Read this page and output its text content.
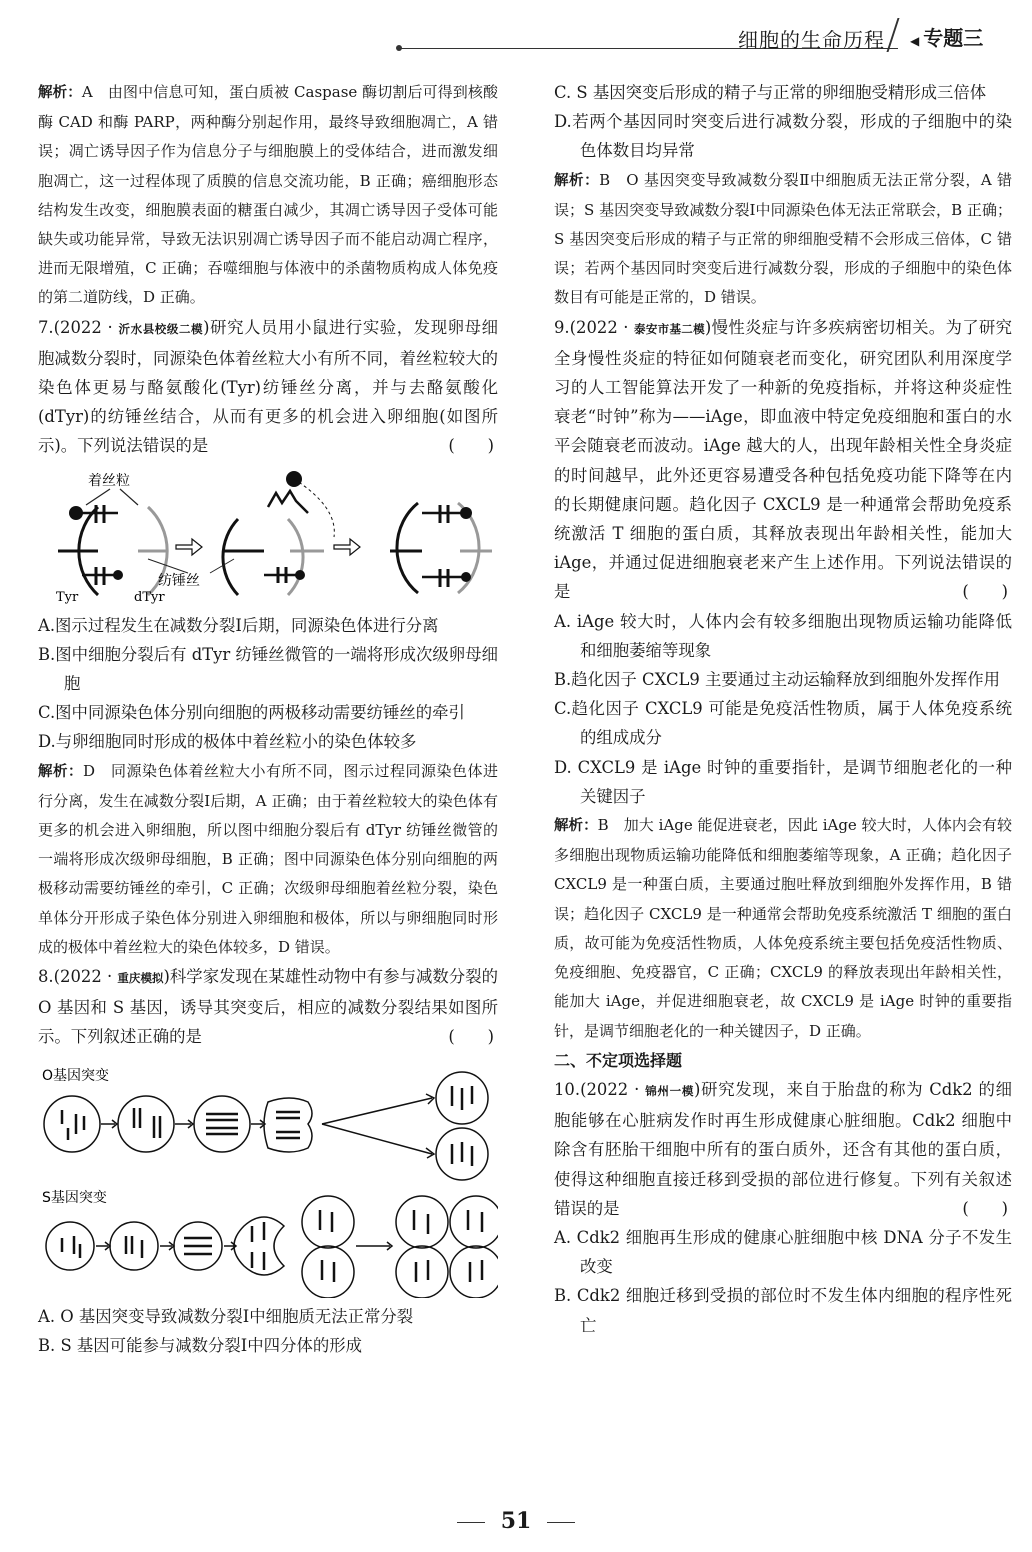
细胞的生命历程 ◀ 专题三

解析：A　 由图中信息可知，蛋白质被 Caspase 酶切割后可得到核酸酶 CAD 和酶 PARP，两种酶分别起作用，最终导致细胞凋亡，A 错误；凋亡诱导因子作为信息分子与细胞膜上的受体结合，进而激发细胞凋亡，这一过程体现了质膜的信息交流功能，B 正确；癌细胞形态结构发生改变，细胞膜表面的糖蛋白减少，其凋亡诱导因子受体可能缺失或功能异常，导致无法识别凋亡诱导因子而不能启动凋亡程序，进而无限增殖，C 正确；吞噬细胞与体液中的杀菌物质构成人体免疫的第二道防线，D 正确。

7.(2022 · 沂水县校级二模)研究人员用小鼠进行实验，发现卵母细胞减数分裂时，同源染色体着丝粒大小有所不同，着丝粒较大的染色体更易与酪氨酸化(Tyr)纺锤丝分离，并与去酪氨酸化(dTyr)的纺锤丝结合，从而有更多的机会进入卵细胞(如图所示)。下列说法错误的是	(　　)

着丝粒
Tyr	dTyr
纺锤丝

A.图示过程发生在减数分裂Ⅰ后期，同源染色体进行分离

B.图中细胞分裂后有 dTyr 纺锤丝微管的一端将形成次级卵母细胞

C.图中同源染色体分别向细胞的两极移动需要纺锤丝的牵引

D.与卵细胞同时形成的极体中着丝粒小的染色体较多

解析：D　 同源染色体着丝粒大小有所不同，图示过程同源染色体进行分离，发生在减数分裂Ⅰ后期，A 正确；由于着丝粒较大的染色体有更多的机会进入卵细胞，所以图中细胞分裂后有 dTyr 纺锤丝微管的一端将形成次级卵母细胞，B 正确；图中同源染色体分别向细胞的两极移动需要纺锤丝的牵引，C 正确；次级卵母细胞着丝粒分裂，染色单体分开形成子染色体分别进入卵细胞和极体，所以与卵细胞同时形成的极体中着丝粒大的染色体较多，D 错误。

8.(2022 · 重庆模拟)科学家发现在某雄性动物中有参与减数分裂的 O 基因和 S 基因，诱导其突变后，相应的减数分裂结果如图所示。下列叙述正确的是	(　　)

O基因突变
S基因突变

A. O 基因突变导致减数分裂Ⅰ中细胞质无法正常分裂

B. S 基因可能参与减数分裂Ⅰ中四分体的形成

C. S 基因突变后形成的精子与正常的卵细胞受精形成三倍体

D.若两个基因同时突变后进行减数分裂，形成的子细胞中的染色体数目均异常

解析：B　 O 基因突变导致减数分裂Ⅱ中细胞质无法正常分裂，A 错误；S 基因突变导致减数分裂Ⅰ中同源染色体无法正常联会，B 正确；S 基因突变后形成的精子与正常的卵细胞受精不会形成三倍体，C 错误；若两个基因同时突变后进行减数分裂，形成的子细胞中的染色体数目有可能是正常的，D 错误。

9.(2022 · 泰安市基二模)慢性炎症与许多疾病密切相关。为了研究全身慢性炎症的特征如何随衰老而变化，研究团队利用深度学习的人工智能算法开发了一种新的免疫指标，并将这种炎症性衰老“时钟”称为——iAge，即血液中特定免疫细胞和蛋白的水平会随衰老而波动。iAge 越大的人，出现年龄相关性全身炎症的时间越早，此外还更容易遭受各种包括免疫功能下降等在内的长期健康问题。趋化因子 CXCL9 是一种通常会帮助免疫系统激活 T 细胞的蛋白质，其释放表现出年龄相关性，能加大 iAge，并通过促进细胞衰老来产生上述作用。下列说法错误的是	(　　)

A. iAge 较大时，人体内会有较多细胞出现物质运输功能降低和细胞萎缩等现象

B.趋化因子 CXCL9 主要通过主动运输释放到细胞外发挥作用

C.趋化因子 CXCL9 可能是免疫活性物质，属于人体免疫系统的组成成分

D. CXCL9 是 iAge 时钟的重要指针，是调节细胞老化的一种关键因子

解析：B　 加大 iAge 能促进衰老，因此 iAge 较大时，人体内会有较多细胞出现物质运输功能降低和细胞萎缩等现象，A 正确；趋化因子 CXCL9 是一种蛋白质，主要通过胞吐释放到细胞外发挥作用，B 错误；趋化因子 CXCL9 是一种通常会帮助免疫系统激活 T 细胞的蛋白质，故可能为免疫活性物质，人体免疫系统主要包括免疫活性物质、免疫细胞、免疫器官，C 正确；CXCL9 的释放表现出年龄相关性，能加大 iAge，并促进细胞衰老，故 CXCL9 是 iAge 时钟的重要指针，是调节细胞老化的一种关键因子，D 正确。

二、不定项选择题

10.(2022 · 锦州一模)研究发现，来自于胎盘的称为 Cdk2 的细胞能够在心脏病发作时再生形成健康心脏细胞。Cdk2 细胞中除含有胚胎干细胞中所有的蛋白质外，还含有其他的蛋白质，使得这种细胞直接迁移到受损的部位进行修复。下列有关叙述错误的是	(　　)

A. Cdk2 细胞再生形成的健康心脏细胞中核 DNA 分子不发生改变

B. Cdk2 细胞迁移到受损的部位时不发生体内细胞的程序性死亡

51
